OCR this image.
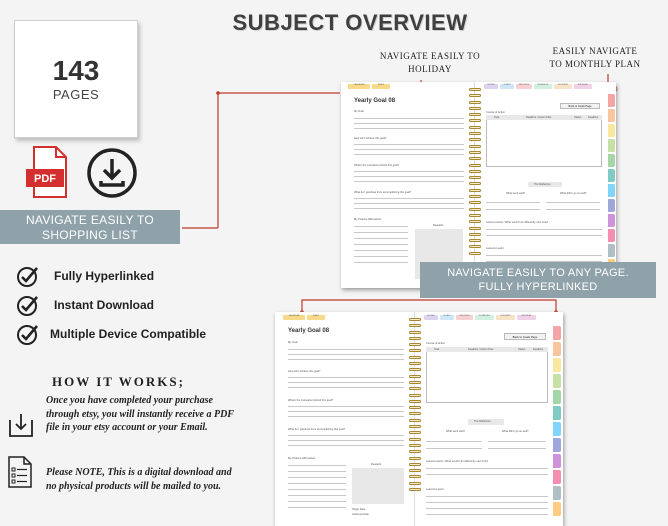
SUBJECT OVERVIEW
143
PAGES
PDF
NAVIGATE EASILY TO
SHOPPING LIST
Fully Hyperlinked
Instant Download
Multiple Device Compatible
HOW IT WORKS;
Once you have completed your purchase through etsy, you will instantly receive a PDF file in your etsy account or your Email.
Please NOTE, This is a digital download and no physical products will be mailed to you.
NAVIGATE EASILY TO
HOLIDAY
EASILY NAVIGATE
TO MONTHLY PLAN
CALENDAR	INDEX
Yearly Goal 08
My Goal
How will I achieve this goal?
What's the motivation behind this goal?
What do I gain/lose from accomplishing this goal?
My Positive Affirmations
Rewards
NOTES	GOALS	RECORDS	SCHEDULE	HOLIDAYS	BIRTHDAY
Back to Goals Page
Course of Action
Task	Deadline / Action Plan	Status	Deadline
The Reflection
What went well?	What didn't go so well?
Lessons learnt / What would I do differently next time?
Lessons Learnt
NAVIGATE EASILY TO ANY PAGE.
FULLY HYPERLINKED
CALENDAR	INDEX
Yearly Goal 08
My Goal
How will I achieve this goal?
What's the motivation behind this goal?
What do I gain/lose from accomplishing this goal?
My Positive Affirmations
Rewards
Target Date
Achieved Date
NOTES	GOALS	RECORDS	SCHEDULE	HOLIDAYS	BIRTHDAY
Back to Goals Page
Course of Action
Task	Deadline / Action Plan	Status	Deadline
The Reflection
What went well?	What didn't go so well?
Lessons learnt / What would I do differently next time?
Lessons Learnt
